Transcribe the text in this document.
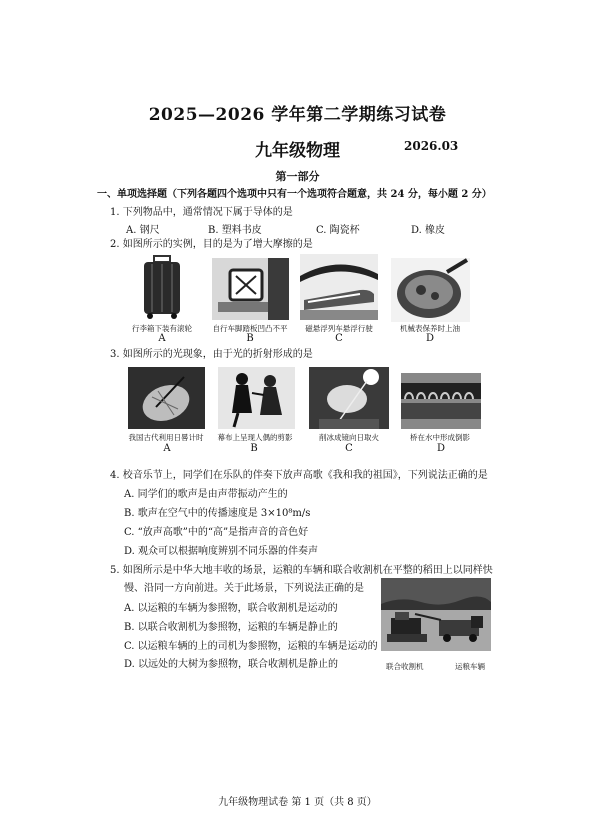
2025—2026 学年第二学期练习试卷
九年级物理	2026.03
第一部分
一、单项选择题（下列各题四个选项中只有一个选项符合题意，共 24 分，每小题 2 分）
1. 下列物品中，通常情况下属于导体的是
A. 钢尺	B. 塑料书皮	C. 陶瓷杯	D. 橡皮
2. 如图所示的实例，目的是为了增大摩擦的是
行李箱下装有滚轮	自行车脚踏板凹凸不平	磁悬浮列车悬浮行驶	机械表保养时上油
A	B	C	D
3. 如图所示的光现象，由于光的折射形成的是
我国古代利用日晷计时	幕布上呈现人偶的剪影	削冰成镜向日取火	桥在水中形成倒影
A	B	C	D
4. 校音乐节上，同学们在乐队的伴奏下放声高歌《我和我的祖国》，下列说法正确的是
A. 同学们的歌声是由声带振动产生的
B. 歌声在空气中的传播速度是 3×10⁸m/s
C. “放声高歌”中的“高”是指声音的音色好
D. 观众可以根据响度辨别不同乐器的伴奏声
5. 如图所示是中华大地丰收的场景，运粮的车辆和联合收割机在平整的稻田上以同样快
慢、沿同一方向前进。关于此场景，下列说法正确的是
A. 以运粮的车辆为参照物，联合收割机是运动的
B. 以联合收割机为参照物，运粮的车辆是静止的
C. 以运粮车辆的上的司机为参照物，运粮的车辆是运动的
D. 以远处的大树为参照物，联合收割机是静止的	联合收割机	运粮车辆
九年级物理试卷 第 1 页（共 8 页）
